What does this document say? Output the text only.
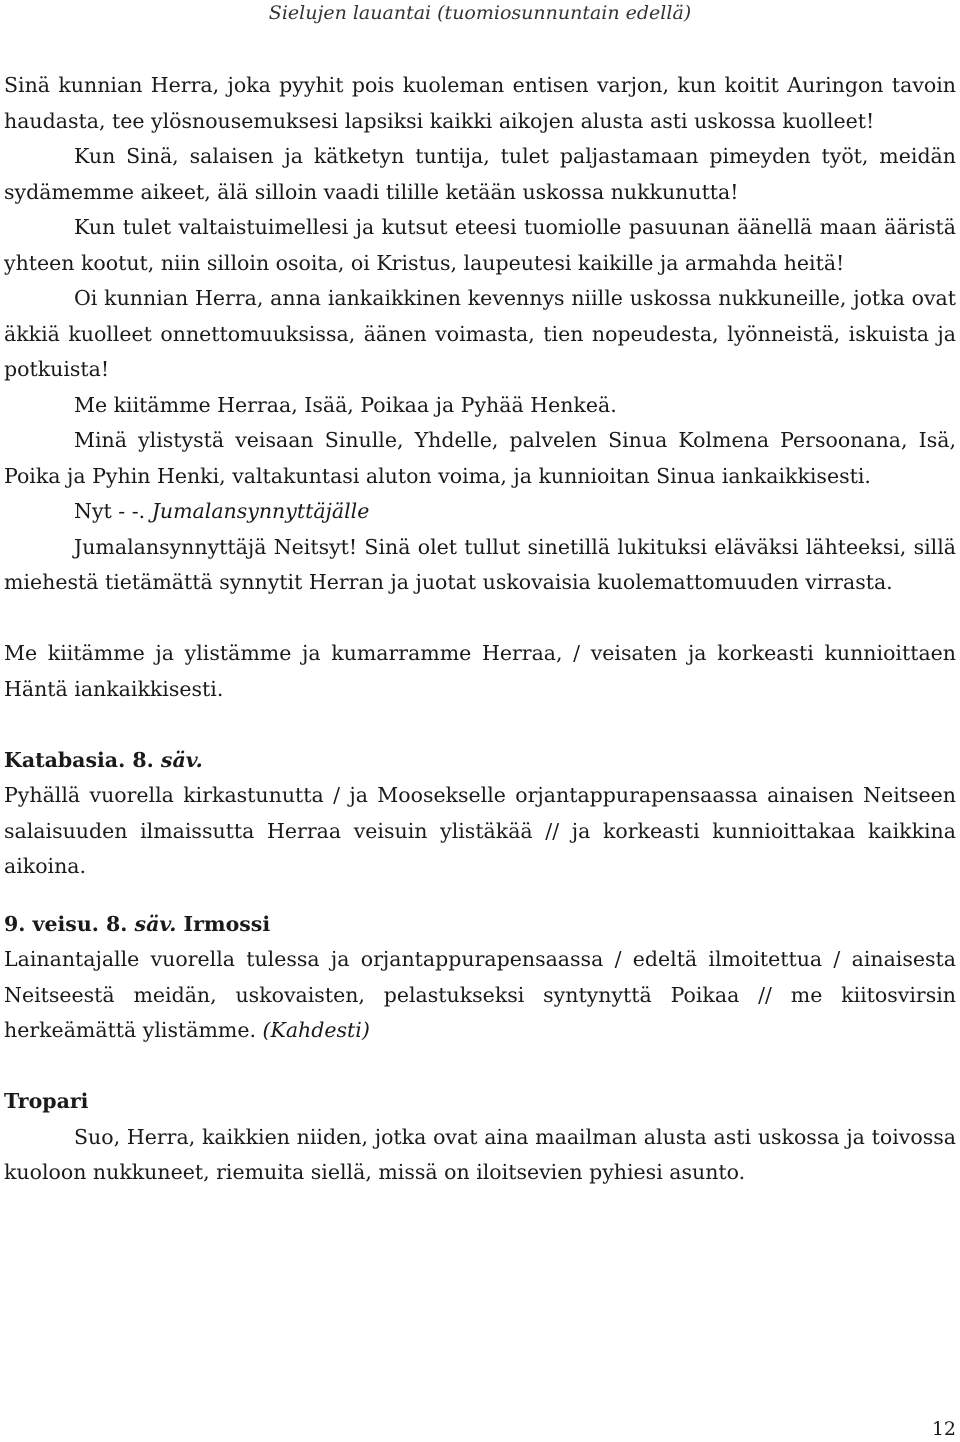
Sielujen lauantai (tuomiosunnuntain edellä)

Sinä kunnian Herra, joka pyyhit pois kuoleman entisen varjon, kun koitit Auringon tavoin haudasta, tee ylösnousemuksesi lapsiksi kaikki aikojen alusta asti uskossa kuolleet!

Kun Sinä, salaisen ja kätketyn tuntija, tulet paljastamaan pimeyden työt, meidän sydämemme aikeet, älä silloin vaadi tilille ketään uskossa nukkunutta!

Kun tulet valtaistuimellesi ja kutsut eteesi tuomiolle pasuunan äänellä maan ääristä yhteen kootut, niin silloin osoita, oi Kristus, laupeutesi kaikille ja armahda heitä!

Oi kunnian Herra, anna iankaikkinen kevennys niille uskossa nukkuneille, jotka ovat äkkiä kuolleet onnettomuuksissa, äänen voimasta, tien nopeudesta, lyönneistä, iskuista ja potkuista!

Me kiitämme Herraa, Isää, Poikaa ja Pyhää Henkeä.

Minä ylistystä veisaan Sinulle, Yhdelle, palvelen Sinua Kolmena Persoonana, Isä, Poika ja Pyhin Henki, valtakuntasi aluton voima, ja kunnioitan Sinua iankaikkisesti.

Nyt - -. Jumalansynnyttäjälle

Jumalansynnyttäjä Neitsyt! Sinä olet tullut sinetillä lukituksi eläväksi lähteeksi, sillä miehestä tietämättä synnytit Herran ja juotat uskovaisia kuolemattomuuden virrasta.

Me kiitämme ja ylistämme ja kumarramme Herraa, / veisaten ja korkeasti kunnioittaen Häntä iankaikkisesti.

Katabasia. 8. säv.

Pyhällä vuorella kirkastunutta / ja Moosekselle orjantappurapensaassa ainaisen Neitseen salaisuuden ilmaissutta Herraa veisuin ylistäkää // ja korkeasti kunnioittakaa kaikkina aikoina.

9. veisu. 8. säv. Irmossi

Lainantajalle vuorella tulessa ja orjantappurapensaassa / edeltä ilmoitettua / ainaisesta Neitseestä meidän, uskovaisten, pelastukseksi syntynyttä Poikaa // me kiitosvirsin herkeämättä ylistämme. (Kahdesti)

Tropari

Suo, Herra, kaikkien niiden, jotka ovat aina maailman alusta asti uskossa ja toivossa kuoloon nukkuneet, riemuita siellä, missä on iloitsevien pyhiesi asunto.

12
